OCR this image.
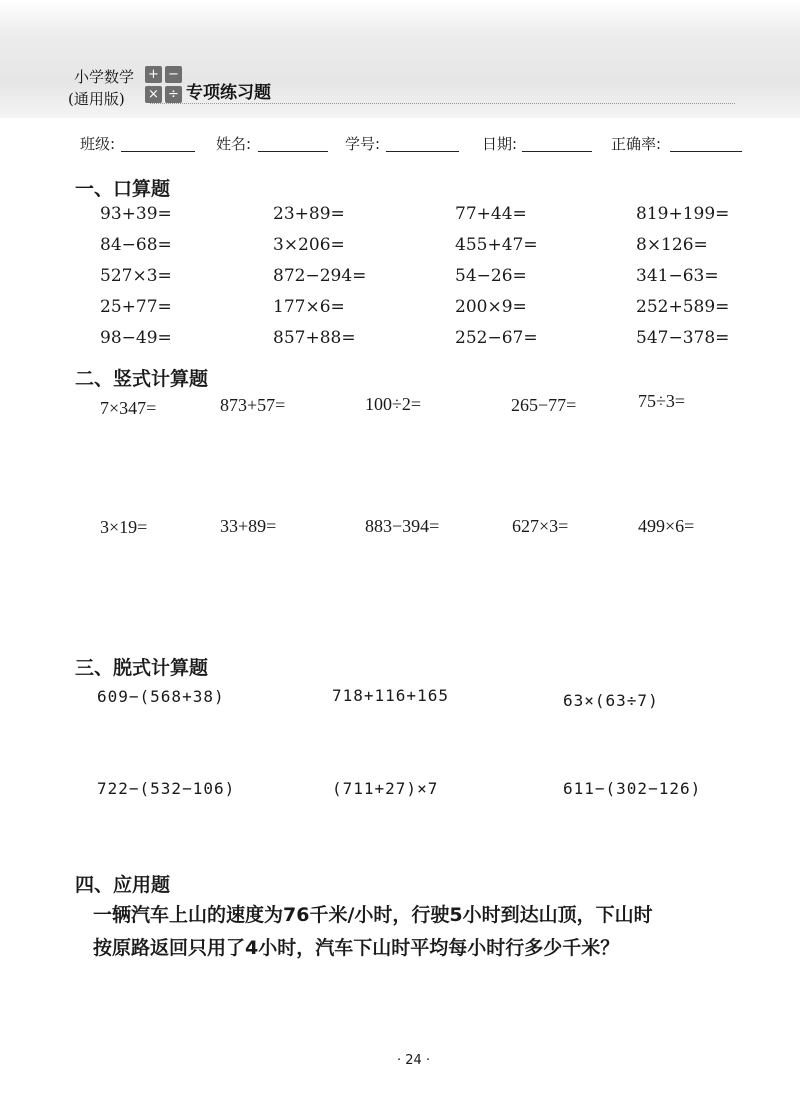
小学数学
(通用版)
+ −
× ÷ 专项练习题
班级:	姓名:	学号:	日期:	正确率:
一、口算题
93+39=	23+89=	77+44=	819+199=
84−68=	3×206=	455+47=	8×126=
527×3=	872−294=	54−26=	341−63=
25+77=	177×6=	200×9=	252+589=
98−49=	857+88=	252−67=	547−378=
二、竖式计算题
7×347=	873+57=	100÷2=	265−77=	75÷3=
3×19=	33+89=	883−394=	627×3=	499×6=
三、脱式计算题
609−(568+38)	718+116+165	63×(63÷7)
722−(532−106)	(711+27)×7	611−(302−126)
四、应用题
一辆汽车上山的速度为76千米/小时，行驶5小时到达山顶，下山时
按原路返回只用了4小时，汽车下山时平均每小时行多少千米？
· 24 ·
